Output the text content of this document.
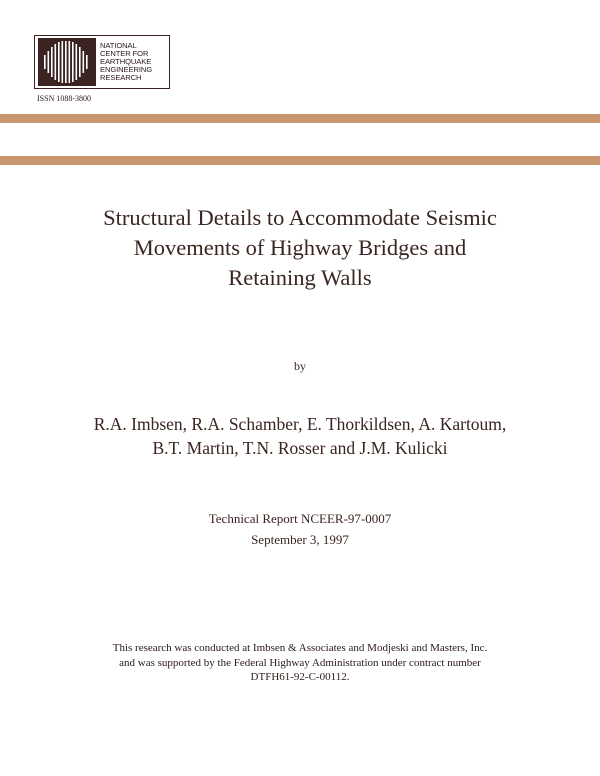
NATIONAL
CENTER FOR
EARTHQUAKE
ENGINEERING
RESEARCH
ISSN 1088-3800
Structural Details to Accommodate Seismic
Movements of Highway Bridges and
Retaining Walls
by
R.A. Imbsen, R.A. Schamber, E. Thorkildsen, A. Kartoum,
B.T. Martin, T.N. Rosser and J.M. Kulicki
Technical Report NCEER-97-0007
September 3, 1997
This research was conducted at Imbsen & Associates and Modjeski and Masters, Inc.
and was supported by the Federal Highway Administration under contract number
DTFH61-92-C-00112.
